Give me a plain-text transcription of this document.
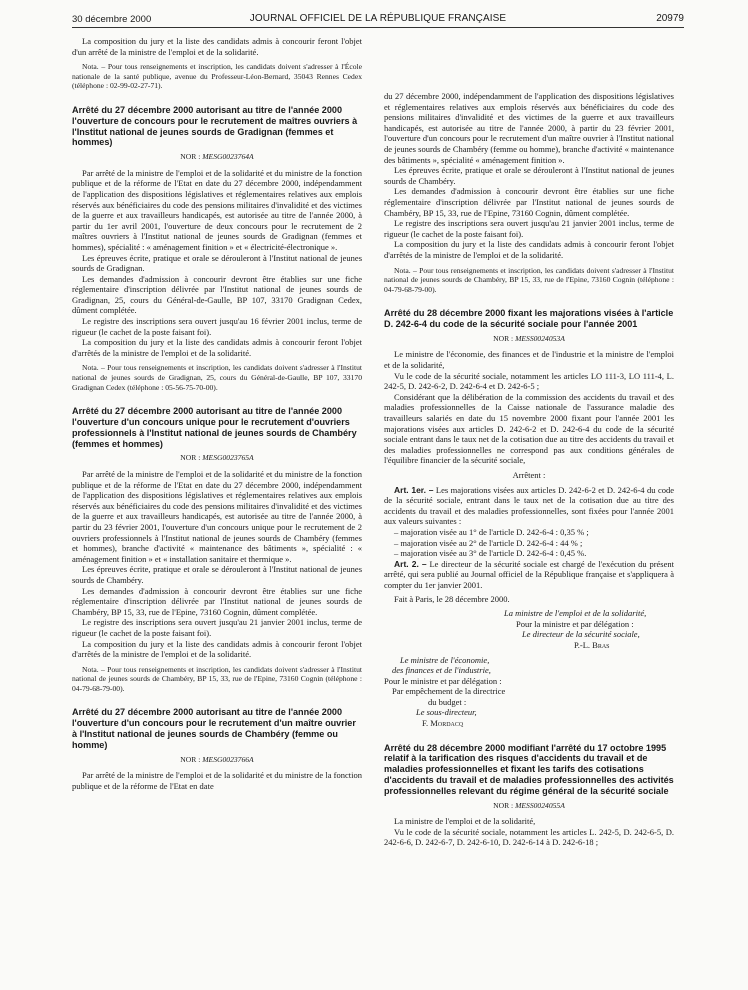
30 décembre 2000	JOURNAL OFFICIEL DE LA RÉPUBLIQUE FRANÇAISE	20979

La composition du jury et la liste des candidats admis à concourir feront l'objet d'un arrêté de la ministre de l'emploi et de la solidarité.

Nota. – Pour tous renseignements et inscription, les candidats doivent s'adresser à l'École nationale de la santé publique, avenue du Professeur-Léon-Bernard, 35043 Rennes Cedex (téléphone : 02-99-02-27-71).

Arrêté du 27 décembre 2000 autorisant au titre de l'année 2000 l'ouverture de concours pour le recrutement de maîtres ouvriers à l'Institut national de jeunes sourds de Gradignan (femmes et hommes)
NOR : MESG0023764A

Par arrêté de la ministre de l'emploi et de la solidarité et du ministre de la fonction publique et de la réforme de l'Etat en date du 27 décembre 2000, indépendamment de l'application des dispositions législatives et réglementaires relatives aux emplois réservés aux bénéficiaires du code des pensions militaires d'invalidité et des victimes de la guerre et aux travailleurs handicapés, est autorisée au titre de l'année 2000, à partir du 1er avril 2001, l'ouverture de deux concours pour le recrutement de 2 maîtres ouvriers à l'Institut national de jeunes sourds de Gradignan (femmes et hommes), spécialité : « aménagement finition » et « électricité-électronique ».

Les épreuves écrite, pratique et orale se dérouleront à l'Institut national de jeunes sourds de Gradignan.

Les demandes d'admission à concourir devront être établies sur une fiche réglementaire d'inscription délivrée par l'Institut national de jeunes sourds de Gradignan, 25, cours du Général-de-Gaulle, BP 107, 33170 Gradignan Cedex, dûment complétée.

Le registre des inscriptions sera ouvert jusqu'au 16 février 2001 inclus, terme de rigueur (le cachet de la poste faisant foi).

La composition du jury et la liste des candidats admis à concourir feront l'objet d'arrêtés de la ministre de l'emploi et de la solidarité.

Nota. – Pour tous renseignements et inscription, les candidats doivent s'adresser à l'Institut national de jeunes sourds de Gradignan, 25, cours du Général-de-Gaulle, BP 107, 33170 Gradignan Cedex (téléphone : 05-56-75-70-00).

Arrêté du 27 décembre 2000 autorisant au titre de l'année 2000 l'ouverture d'un concours unique pour le recrutement d'ouvriers professionnels à l'Institut national de jeunes sourds de Chambéry (femmes et hommes)
NOR : MESG0023765A

Par arrêté de la ministre de l'emploi et de la solidarité et du ministre de la fonction publique et de la réforme de l'Etat en date du 27 décembre 2000, indépendamment de l'application des dispositions législatives et réglementaires relatives aux emplois réservés aux bénéficiaires du code des pensions militaires d'invalidité et des victimes de la guerre et aux travailleurs handicapés, est autorisée au titre de l'année 2000, à partir du 23 février 2001, l'ouverture d'un concours unique pour le recrutement de 2 ouvriers professionnels à l'Institut national de jeunes sourds de Chambéry (femmes et hommes), branche d'activité « maintenance des bâtiments », spécialité : « aménagement finition » et « installation sanitaire et thermique ».

Les épreuves écrite, pratique et orale se dérouleront à l'Institut national de jeunes sourds de Chambéry.

Les demandes d'admission à concourir devront être établies sur une fiche réglementaire d'inscription délivrée par l'Institut national de jeunes sourds de Chambéry, BP 15, 33, rue de l'Epine, 73160 Cognin, dûment complétée.

Le registre des inscriptions sera ouvert jusqu'au 21 janvier 2001 inclus, terme de rigueur (le cachet de la poste faisant foi).

La composition du jury et la liste des candidats admis à concourir feront l'objet d'arrêtés de la ministre de l'emploi et de la solidarité.

Nota. – Pour tous renseignements et inscription, les candidats doivent s'adresser à l'Institut national de jeunes sourds de Chambéry, BP 15, 33, rue de l'Epine, 73160 Cognin (téléphone : 04-79-68-79-00).

Arrêté du 27 décembre 2000 autorisant au titre de l'année 2000 l'ouverture d'un concours pour le recrutement d'un maître ouvrier à l'Institut national de jeunes sourds de Chambéry (femme ou homme)
NOR : MESG0023766A

Par arrêté de la ministre de l'emploi et de la solidarité et du ministre de la fonction publique et de la réforme de l'Etat en date

du 27 décembre 2000, indépendamment de l'application des dispositions législatives et réglementaires relatives aux emplois réservés aux bénéficiaires du code des pensions militaires d'invalidité et des victimes de la guerre et aux travailleurs handicapés, est autorisée au titre de l'année 2000, à partir du 23 février 2001, l'ouverture d'un concours pour le recrutement d'un maître ouvrier à l'Institut national de jeunes sourds de Chambéry (femme ou homme), branche d'activité « maintenance des bâtiments », spécialité « aménagement finition ».

Les épreuves écrite, pratique et orale se dérouleront à l'Institut national de jeunes sourds de Chambéry.

Les demandes d'admission à concourir devront être établies sur une fiche réglementaire d'inscription délivrée par l'Institut national de jeunes sourds de Chambéry, BP 15, 33, rue de l'Epine, 73160 Cognin, dûment complétée.

Le registre des inscriptions sera ouvert jusqu'au 21 janvier 2001 inclus, terme de rigueur (le cachet de la poste faisant foi).

La composition du jury et la liste des candidats admis à concourir feront l'objet d'arrêtés de la ministre de l'emploi et de la solidarité.

Nota. – Pour tous renseignements et inscription, les candidats doivent s'adresser à l'Institut national de jeunes sourds de Chambéry, BP 15, 33, rue de l'Epine, 73160 Cognin (téléphone : 04-79-68-79-00).

Arrêté du 28 décembre 2000 fixant les majorations visées à l'article D. 242-6-4 du code de la sécurité sociale pour l'année 2001
NOR : MESS0024053A

Le ministre de l'économie, des finances et de l'industrie et la ministre de l'emploi et de la solidarité,

Vu le code de la sécurité sociale, notamment les articles LO 111-3, LO 111-4, L. 242-5, D. 242-6-2, D. 242-6-4 et D. 242-6-5 ;

Considérant que la délibération de la commission des accidents du travail et des maladies professionnelles de la Caisse nationale de l'assurance maladie des travailleurs salariés en date du 15 novembre 2000 fixant pour l'année 2001 les majorations visées aux articles D. 242-6-2 et D. 242-6-4 du code de la sécurité sociale entrant dans le taux net de la cotisation due au titre des accidents du travail et des maladies professionnelles ne correspond pas aux conditions générales de l'équilibre financier de la sécurité sociale,

Arrêtent :

Art. 1er. – Les majorations visées aux articles D. 242-6-2 et D. 242-6-4 du code de la sécurité sociale, entrant dans le taux net de la cotisation due au titre des accidents du travail et des maladies professionnelles, sont fixées pour l'année 2001 aux valeurs suivantes :

– majoration visée au 1° de l'article D. 242-6-4 : 0,35 % ;

– majoration visée au 2° de l'article D. 242-6-4 : 44 % ;

– majoration visée au 3° de l'article D. 242-6-4 : 0,45 %.

Art. 2. – Le directeur de la sécurité sociale est chargé de l'exécution du présent arrêté, qui sera publié au Journal officiel de la République française et s'appliquera à compter du 1er janvier 2001.

Fait à Paris, le 28 décembre 2000.

La ministre de l'emploi et de la solidarité,

Pour la ministre et par délégation :

Le directeur de la sécurité sociale,

P.-L. Bras

Le ministre de l'économie,

des finances et de l'industrie,

Pour le ministre et par délégation :

Par empêchement de la directrice

du budget :

Le sous-directeur,

F. Mordacq

Arrêté du 28 décembre 2000 modifiant l'arrêté du 17 octobre 1995 relatif à la tarification des risques d'accidents du travail et de maladies professionnelles et fixant les tarifs des cotisations d'accidents du travail et de maladies professionnelles des activités professionnelles relevant du régime général de la sécurité sociale
NOR : MESS0024055A

La ministre de l'emploi et de la solidarité,

Vu le code de la sécurité sociale, notamment les articles L. 242-5, D. 242-6-5, D. 242-6-6, D. 242-6-7, D. 242-6-10, D. 242-6-14 à D. 242-6-18 ;
